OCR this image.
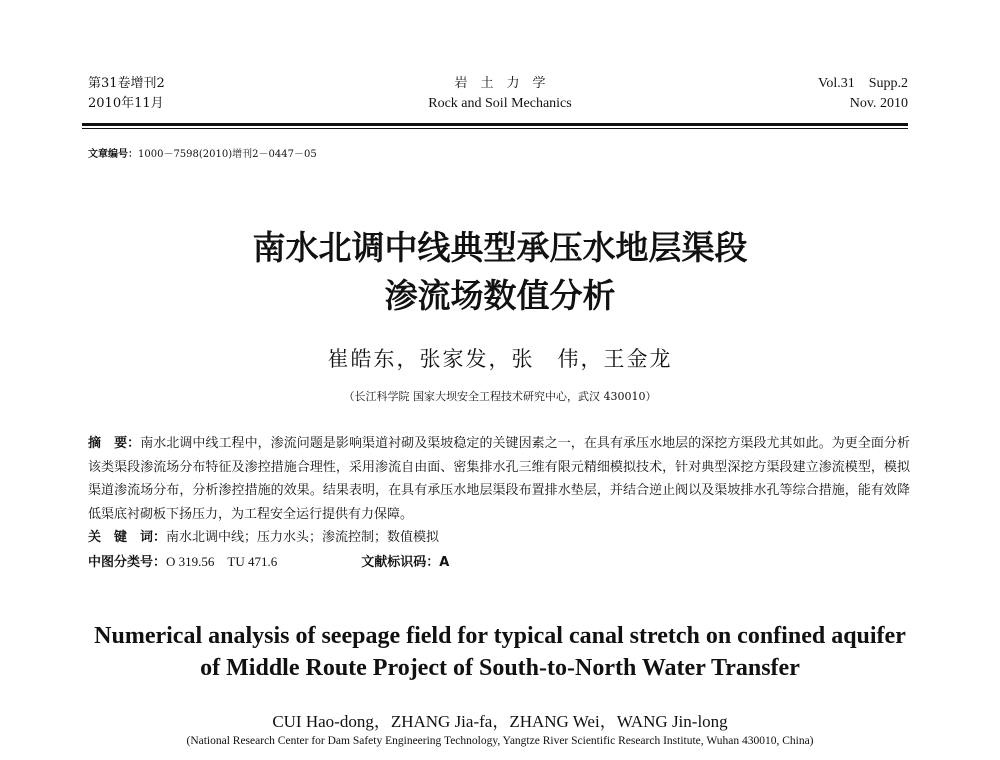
第31卷增刊2
2010年11月
岩　土　力　学
Rock and Soil Mechanics
Vol.31　Supp.2
Nov. 2010
文章编号：1000－7598(2010)增刊2－0447－05
南水北调中线典型承压水地层渠段
渗流场数值分析
崔皓东，张家发，张　伟，王金龙
（长江科学院 国家大坝安全工程技术研究中心，武汉 430010）
摘　要：南水北调中线工程中，渗流问题是影响渠道衬砌及渠坡稳定的关键因素之一，在具有承压水地层的深挖方渠段尤其如此。为更全面分析该类渠段渗流场分布特征及渗控措施合理性，采用渗流自由面、密集排水孔三维有限元精细模拟技术，针对典型深挖方渠段建立渗流模型，模拟渠道渗流场分布，分析渗控措施的效果。结果表明，在具有承压水地层渠段布置排水垫层，并结合逆止阀以及渠坡排水孔等综合措施，能有效降低渠底衬砌板下扬压力，为工程安全运行提供有力保障。
关　键　词：南水北调中线；压力水头；渗流控制；数值模拟
中图分类号：O 319.56　TU 471.6	文献标识码：A
Numerical analysis of seepage field for typical canal stretch on confined aquifer
of Middle Route Project of South-to-North Water Transfer
CUI Hao-dong，ZHANG Jia-fa，ZHANG Wei，WANG Jin-long
(National Research Center for Dam Safety Engineering Technology, Yangtze River Scientific Research Institute, Wuhan 430010, China)
